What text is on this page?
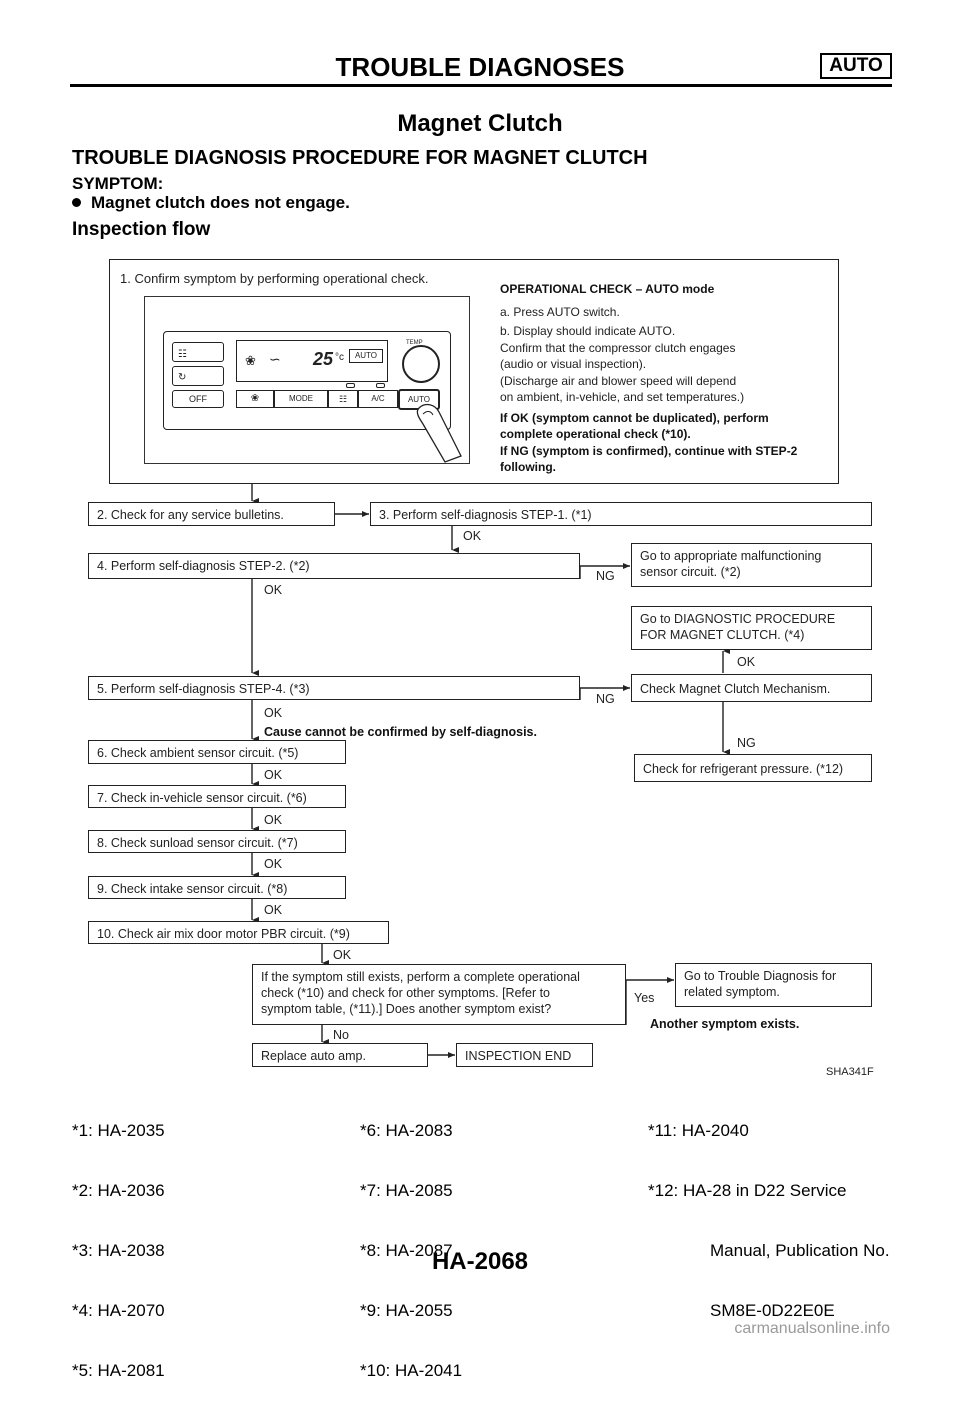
TROUBLE DIAGNOSES	AUTO
Magnet Clutch
TROUBLE DIAGNOSIS PROCEDURE FOR MAGNET CLUTCH
SYMPTOM:
Magnet clutch does not engage.
Inspection flow
1. Confirm symptom by performing operational check.
☷
↻
OFF
❀ ∽ 25 °c	AUTO
❀	MODE	☷	A/C
TEMP
AUTO
OPERATIONAL CHECK – AUTO mode
a. Press AUTO switch.
b. Display should indicate AUTO.
Confirm that the compressor clutch engages
(audio or visual inspection).
(Discharge air and blower speed will depend
on ambient, in-vehicle, and set temperatures.)
If OK (symptom cannot be duplicated), perform
complete operational check (*10).
If NG (symptom is confirmed), continue with STEP-2
following.
2. Check for any service bulletins.	3. Perform self-diagnosis STEP-1. (*1)
OK
4. Perform self-diagnosis STEP-2. (*2)
NG
Go to appropriate malfunctioning
sensor circuit. (*2)
OK
Go to DIAGNOSTIC PROCEDURE
FOR MAGNET CLUTCH. (*4)
OK
5. Perform self-diagnosis STEP-4. (*3)
NG
Check Magnet Clutch Mechanism.
OK
Cause cannot be confirmed by self-diagnosis.
NG
6. Check ambient sensor circuit. (*5)
Check for refrigerant pressure. (*12)
OK
7. Check in-vehicle sensor circuit. (*6)
OK
8. Check sunload sensor circuit. (*7)
OK
9. Check intake sensor circuit. (*8)
OK
10. Check air mix door motor PBR circuit. (*9)
OK
If the symptom still exists, perform a complete operational
check (*10) and check for other symptoms. [Refer to
symptom table, (*11).] Does another symptom exist?
Yes
Go to Trouble Diagnosis for
related symptom.
Another symptom exists.
No
Replace auto amp.	INSPECTION END
SHA341F

*1: HA-2035

*2: HA-2036

*3: HA-2038

*4: HA-2070

*5: HA-2081

*6: HA-2083

*7: HA-2085

*8: HA-2087

*9: HA-2055

*10: HA-2041

*11: HA-2040

*12: HA-28 in D22 Service

Manual, Publication No.

SM8E-0D22E0E

HA-2068
carmanualsonline.info
